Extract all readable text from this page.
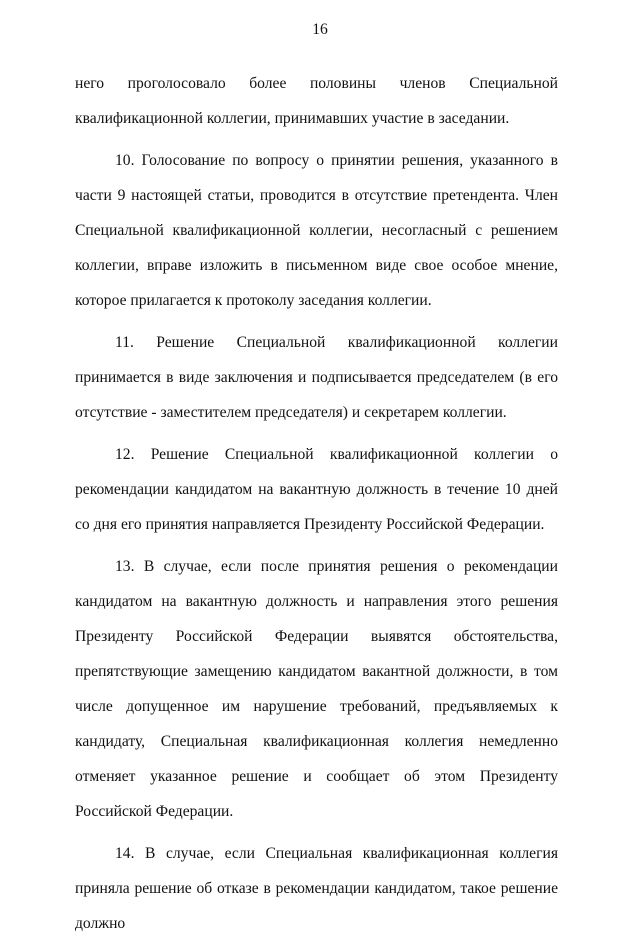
16

него проголосовало более половины членов Специальной квалификационной коллегии, принимавших участие в заседании.

10. Голосование по вопросу о принятии решения, указанного в части 9 настоящей статьи, проводится в отсутствие претендента. Член Специальной квалификационной коллегии, несогласный с решением коллегии, вправе изложить в письменном виде свое особое мнение, которое прилагается к протоколу заседания коллегии.

11. Решение Специальной квалификационной коллегии принимается в виде заключения и подписывается председателем (в его отсутствие - заместителем председателя) и секретарем коллегии.

12. Решение Специальной квалификационной коллегии о рекомендации кандидатом на вакантную должность в течение 10 дней со дня его принятия направляется Президенту Российской Федерации.

13. В случае, если после принятия решения о рекомендации кандидатом на вакантную должность и направления этого решения Президенту Российской Федерации выявятся обстоятельства, препятствующие замещению кандидатом вакантной должности, в том числе допущенное им нарушение требований, предъявляемых к кандидату, Специальная квалификационная коллегия немедленно отменяет указанное решение и сообщает об этом Президенту Российской Федерации.

14. В случае, если Специальная квалификационная коллегия приняла решение об отказе в рекомендации кандидатом, такое решение должно
